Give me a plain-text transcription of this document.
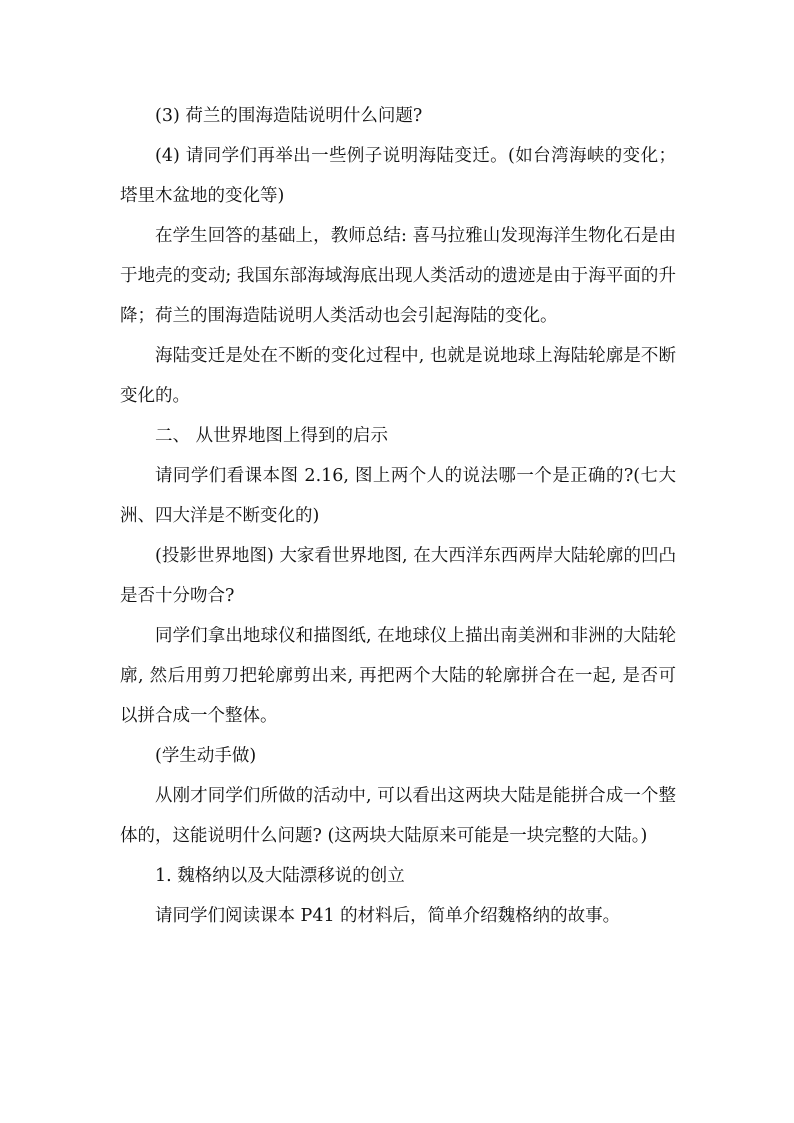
(3) 荷兰的围海造陆说明什么问题?

(4) 请同学们再举出一些例子说明海陆变迁。(如台湾海峡的变化；塔里木盆地的变化等)

在学生回答的基础上，教师总结: 喜马拉雅山发现海洋生物化石是由于地壳的变动; 我国东部海域海底出现人类活动的遗迹是由于海平面的升降；荷兰的围海造陆说明人类活动也会引起海陆的变化。

海陆变迁是处在不断的变化过程中, 也就是说地球上海陆轮廓是不断变化的。

二、 从世界地图上得到的启示

请同学们看课本图 2.16, 图上两个人的说法哪一个是正确的?(七大洲、四大洋是不断变化的)

(投影世界地图) 大家看世界地图, 在大西洋东西两岸大陆轮廓的凹凸是否十分吻合?

同学们拿出地球仪和描图纸, 在地球仪上描出南美洲和非洲的大陆轮廓, 然后用剪刀把轮廓剪出来, 再把两个大陆的轮廓拼合在一起, 是否可以拼合成一个整体。

(学生动手做)

从刚才同学们所做的活动中, 可以看出这两块大陆是能拼合成一个整体的，这能说明什么问题? (这两块大陆原来可能是一块完整的大陆。)

1. 魏格纳以及大陆漂移说的创立

请同学们阅读课本 P41 的材料后，简单介绍魏格纳的故事。
